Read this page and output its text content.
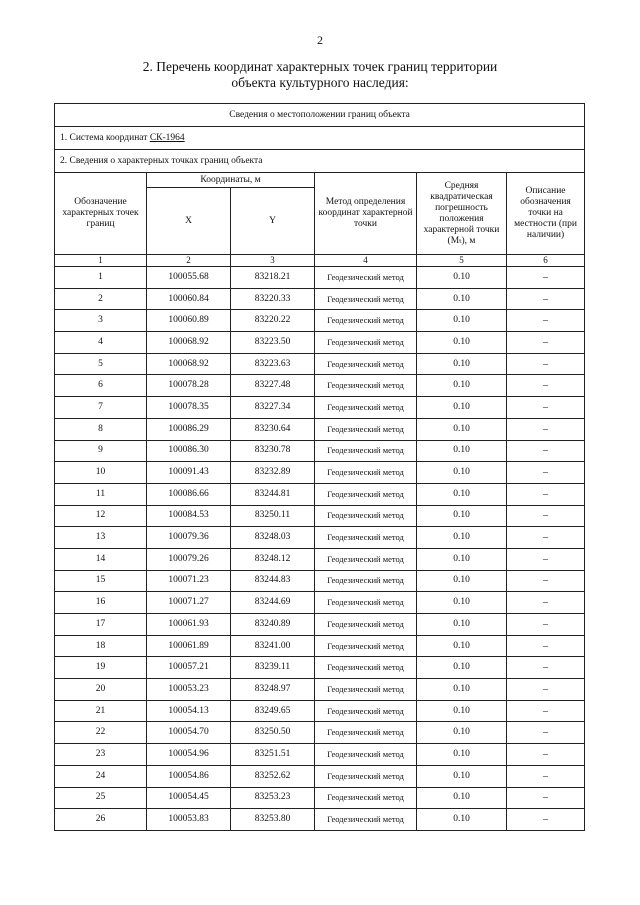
2
2. Перечень координат характерных точек границ территории
объекта культурного наследия:
Сведения о местоположении границ объекта					
1. Система координат СК-1964					
2. Сведения о характерных точках границ объекта					
Обозначение характерных точек границ	Координаты, м		Метод определения координат характерной точки	Средняя квадратическая погрешность положения характерной точки (Mₜ), м	Описание обозначения точки на местности (при наличии)
	X	Y			
1	2	3	4	5	6
1	100055.68	83218.21	Геодезический метод	0.10	–
2	100060.84	83220.33	Геодезический метод	0.10	–
3	100060.89	83220.22	Геодезический метод	0.10	–
4	100068.92	83223.50	Геодезический метод	0.10	–
5	100068.92	83223.63	Геодезический метод	0.10	–
6	100078.28	83227.48	Геодезический метод	0.10	–
7	100078.35	83227.34	Геодезический метод	0.10	–
8	100086.29	83230.64	Геодезический метод	0.10	–
9	100086.30	83230.78	Геодезический метод	0.10	–
10	100091.43	83232.89	Геодезический метод	0.10	–
11	100086.66	83244.81	Геодезический метод	0.10	–
12	100084.53	83250.11	Геодезический метод	0.10	–
13	100079.36	83248.03	Геодезический метод	0.10	–
14	100079.26	83248.12	Геодезический метод	0.10	–
15	100071.23	83244.83	Геодезический метод	0.10	–
16	100071.27	83244.69	Геодезический метод	0.10	–
17	100061.93	83240.89	Геодезический метод	0.10	–
18	100061.89	83241.00	Геодезический метод	0.10	–
19	100057.21	83239.11	Геодезический метод	0.10	–
20	100053.23	83248.97	Геодезический метод	0.10	–
21	100054.13	83249.65	Геодезический метод	0.10	–
22	100054.70	83250.50	Геодезический метод	0.10	–
23	100054.96	83251.51	Геодезический метод	0.10	–
24	100054.86	83252.62	Геодезический метод	0.10	–
25	100054.45	83253.23	Геодезический метод	0.10	–
26	100053.83	83253.80	Геодезический метод	0.10	–
